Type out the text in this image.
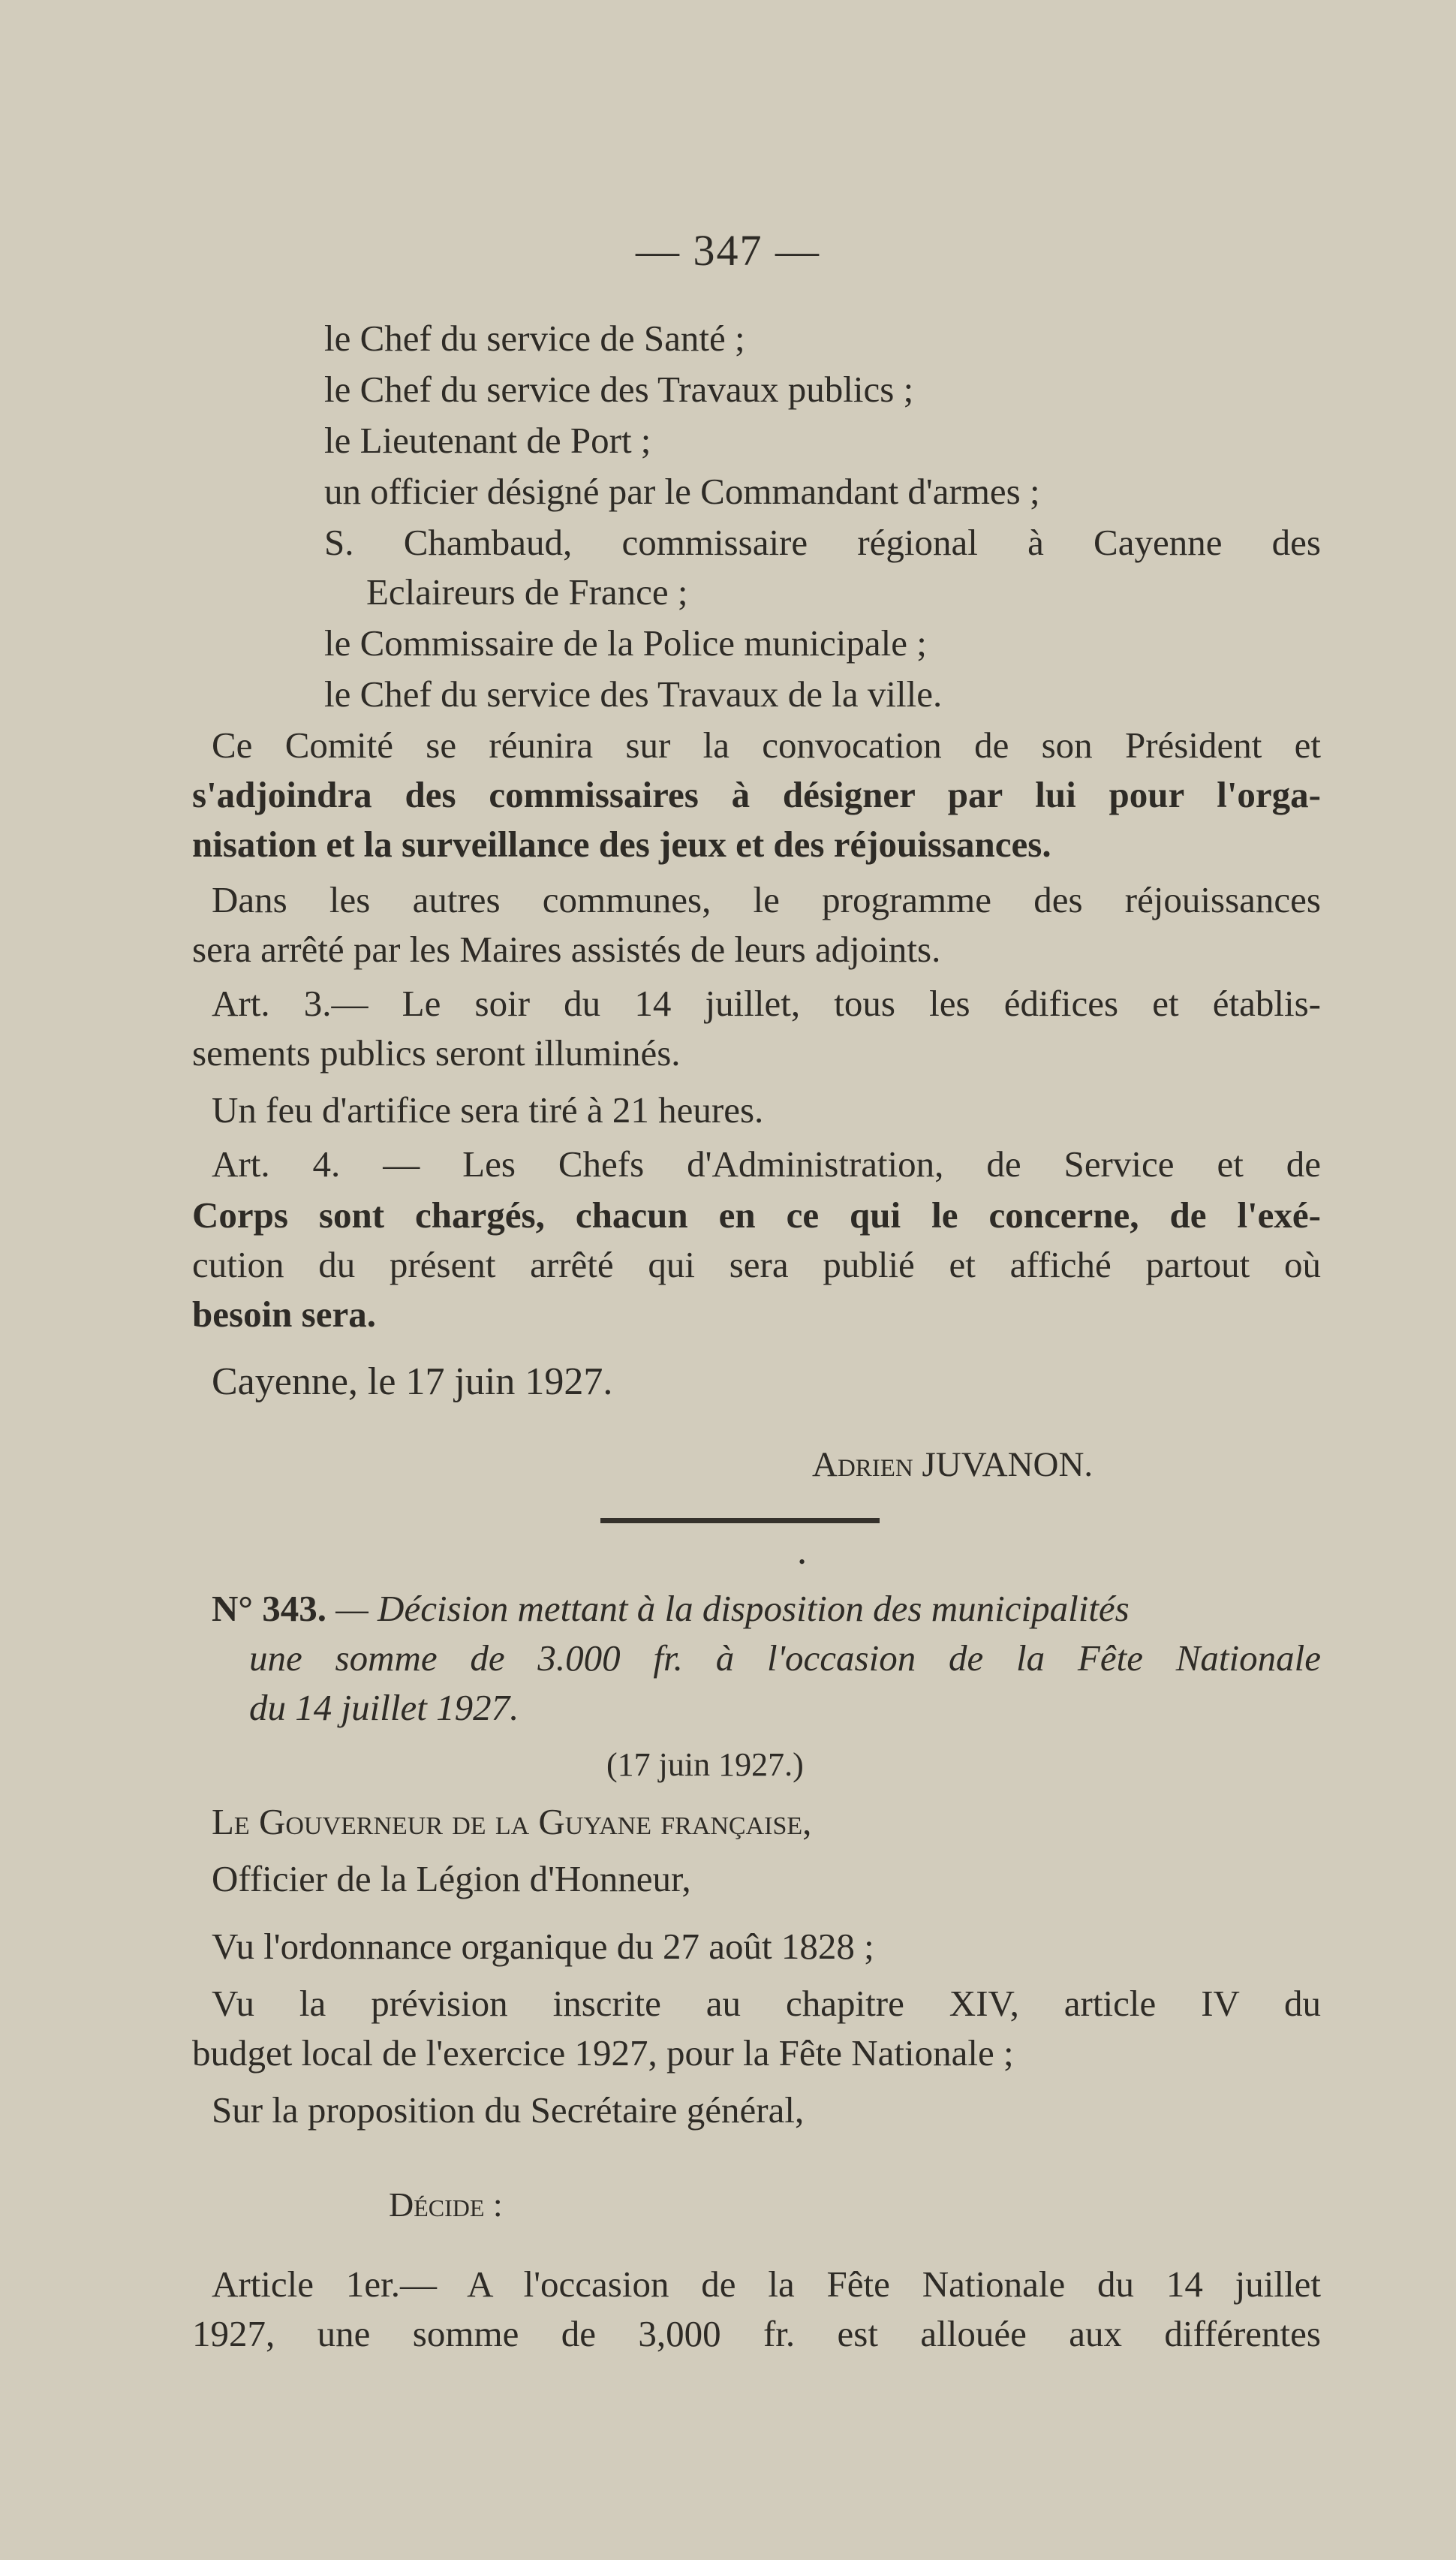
— 347 —
le Chef du service de Santé ;
le Chef du service des Travaux publics ;
le Lieutenant de Port ;
un officier désigné par le Commandant d'armes ;
S. Chambaud, commissaire régional à Cayenne des
Eclaireurs de France ;
le Commissaire de la Police municipale ;
le Chef du service des Travaux de la ville.
Ce Comité se réunira sur la convocation de son Président et
s'adjoindra des commissaires à désigner par lui pour l'orga-
nisation et la surveillance des jeux et des réjouissances.
Dans les autres communes, le programme des réjouissances
sera arrêté par les Maires assistés de leurs adjoints.
Art. 3.— Le soir du 14 juillet, tous les édifices et établis-
sements publics seront illuminés.
Un feu d'artifice sera tiré à 21 heures.
Art. 4. — Les Chefs d'Administration, de Service et de
Corps sont chargés, chacun en ce qui le concerne, de l'exé-
cution du présent arrêté qui sera publié et affiché partout où
besoin sera.
Cayenne, le 17 juin 1927.
Adrien JUVANON.
•
N° 343. — Décision mettant à la disposition des municipalités
une somme de 3.000 fr. à l'occasion de la Fête Nationale
du 14 juillet 1927.
(17 juin 1927.)
Le Gouverneur de la Guyane française,
Officier de la Légion d'Honneur,
Vu l'ordonnance organique du 27 août 1828 ;
Vu la prévision inscrite au chapitre XIV, article IV du
budget local de l'exercice 1927, pour la Fête Nationale ;
Sur la proposition du Secrétaire général,
Décide :
Article 1er.— A l'occasion de la Fête Nationale du 14 juillet
1927, une somme de 3,000 fr. est allouée aux différentes
